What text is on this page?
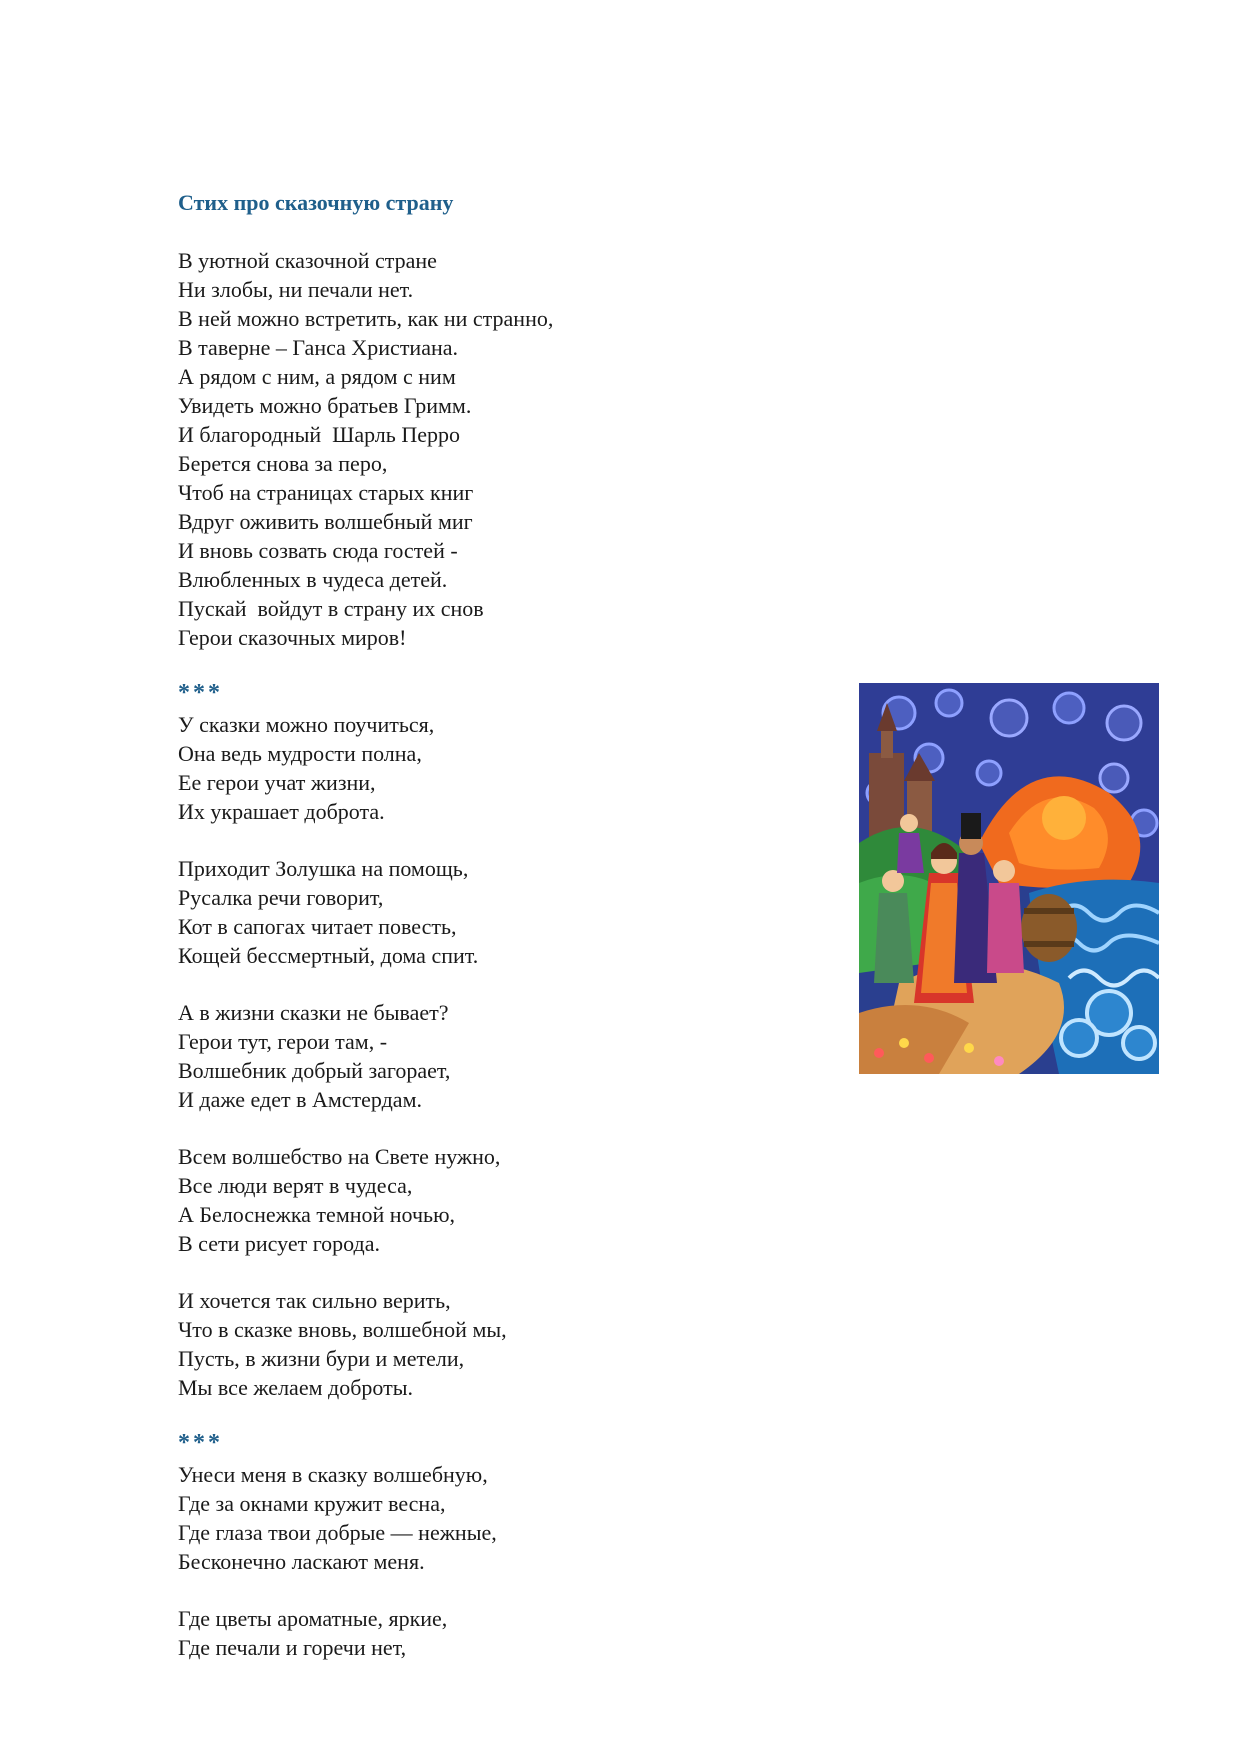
Стих про сказочную страну
В уютной сказочной стране
Ни злобы, ни печали нет.
В ней можно встретить, как ни странно,
В таверне – Ганса Христиана.
А рядом с ним, а рядом с ним
Увидеть можно братьев Гримм.
И благородный  Шарль Перро
Берется снова за перо,
Чтоб на страницах старых книг
Вдруг оживить волшебный миг
И вновь созвать сюда гостей -
Влюбленных в чудеса детей.
Пускай  войдут в страну их снов
Герои сказочных миров!
***
У сказки можно поучиться,
Она ведь мудрости полна,
Ее герои учат жизни,
Их украшает доброта.
Приходит Золушка на помощь,
Русалка речи говорит,
Кот в сапогах читает повесть,
Кощей бессмертный, дома спит.
А в жизни сказки не бывает?
Герои тут, герои там, -
Волшебник добрый загорает,
И даже едет в Амстердам.
Всем волшебство на Свете нужно,
Все люди верят в чудеса,
А Белоснежка темной ночью,
В сети рисует города.
И хочется так сильно верить,
Что в сказке вновь, волшебной мы,
Пусть, в жизни бури и метели,
Мы все желаем доброты.
***
Унеси меня в сказку волшебную,
Где за окнами кружит весна,
Где глаза твои добрые — нежные,
Бесконечно ласкают меня.
Где цветы ароматные, яркие,
Где печали и горечи нет,
